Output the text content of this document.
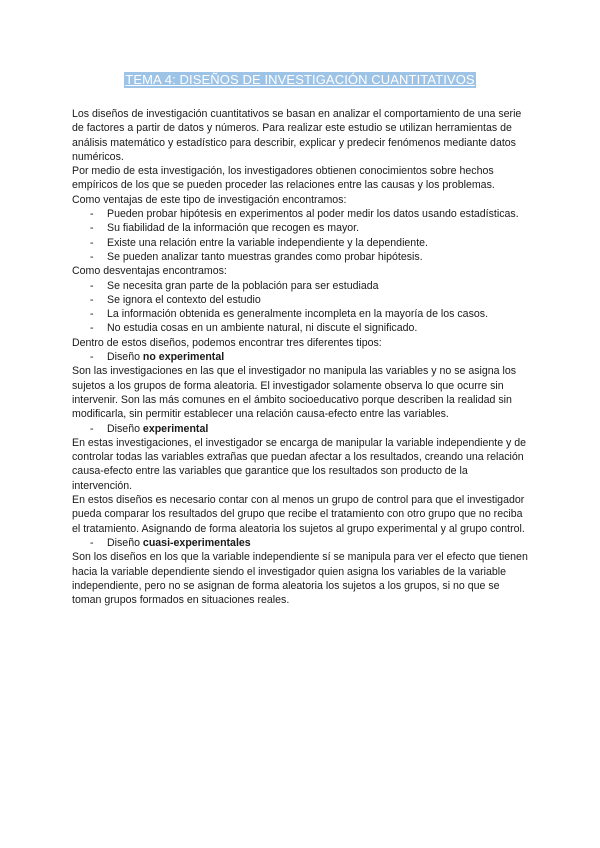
TEMA 4: DISEÑOS DE INVESTIGACIÓN CUANTITATIVOS

Los diseños de investigación cuantitativos se basan en analizar el comportamiento de una serie de factores a partir de datos y números. Para realizar este estudio se utilizan herramientas de análisis matemático y estadístico para describir, explicar y predecir fenómenos mediante datos numéricos.

Por medio de esta investigación, los investigadores obtienen conocimientos sobre hechos empíricos de los que se pueden proceder las relaciones entre las causas y los problemas.

Como ventajas de este tipo de investigación encontramos:

- Pueden probar hipótesis en experimentos al poder medir los datos usando estadísticas.
- Su fiabilidad de la información que recogen es mayor.
- Existe una relación entre la variable independiente y la dependiente.
- Se pueden analizar tanto muestras grandes como probar hipótesis.

Como desventajas encontramos:

- Se necesita gran parte de la población para ser estudiada
- Se ignora el contexto del estudio
- La información obtenida es generalmente incompleta en la mayoría de los casos.
- No estudia cosas en un ambiente natural, ni discute el significado.

Dentro de estos diseños, podemos encontrar tres diferentes tipos:

- Diseño no experimental

Son las investigaciones en las que el investigador no manipula las variables y no se asigna los sujetos a los grupos de forma aleatoria. El investigador solamente observa lo que ocurre sin intervenir. Son las más comunes en el ámbito socioeducativo porque describen la realidad sin modificarla, sin permitir establecer una relación causa-efecto entre las variables.

- Diseño experimental

En estas investigaciones, el investigador se encarga de manipular la variable independiente y de controlar todas las variables extrañas que puedan afectar a los resultados, creando una relación causa-efecto entre las variables que garantice que los resultados son producto de la intervención.

En estos diseños es necesario contar con al menos un grupo de control para que el investigador pueda comparar los resultados del grupo que recibe el tratamiento con otro grupo que no reciba el tratamiento. Asignando de forma aleatoria los sujetos al grupo experimental y al grupo control.

- Diseño cuasi-experimentales

Son los diseños en los que la variable independiente sí se manipula para ver el efecto que tienen hacia la variable dependiente siendo el investigador quien asigna los variables de la variable independiente, pero no se asignan de forma aleatoria los sujetos a los grupos, si no que se toman grupos formados en situaciones reales.
